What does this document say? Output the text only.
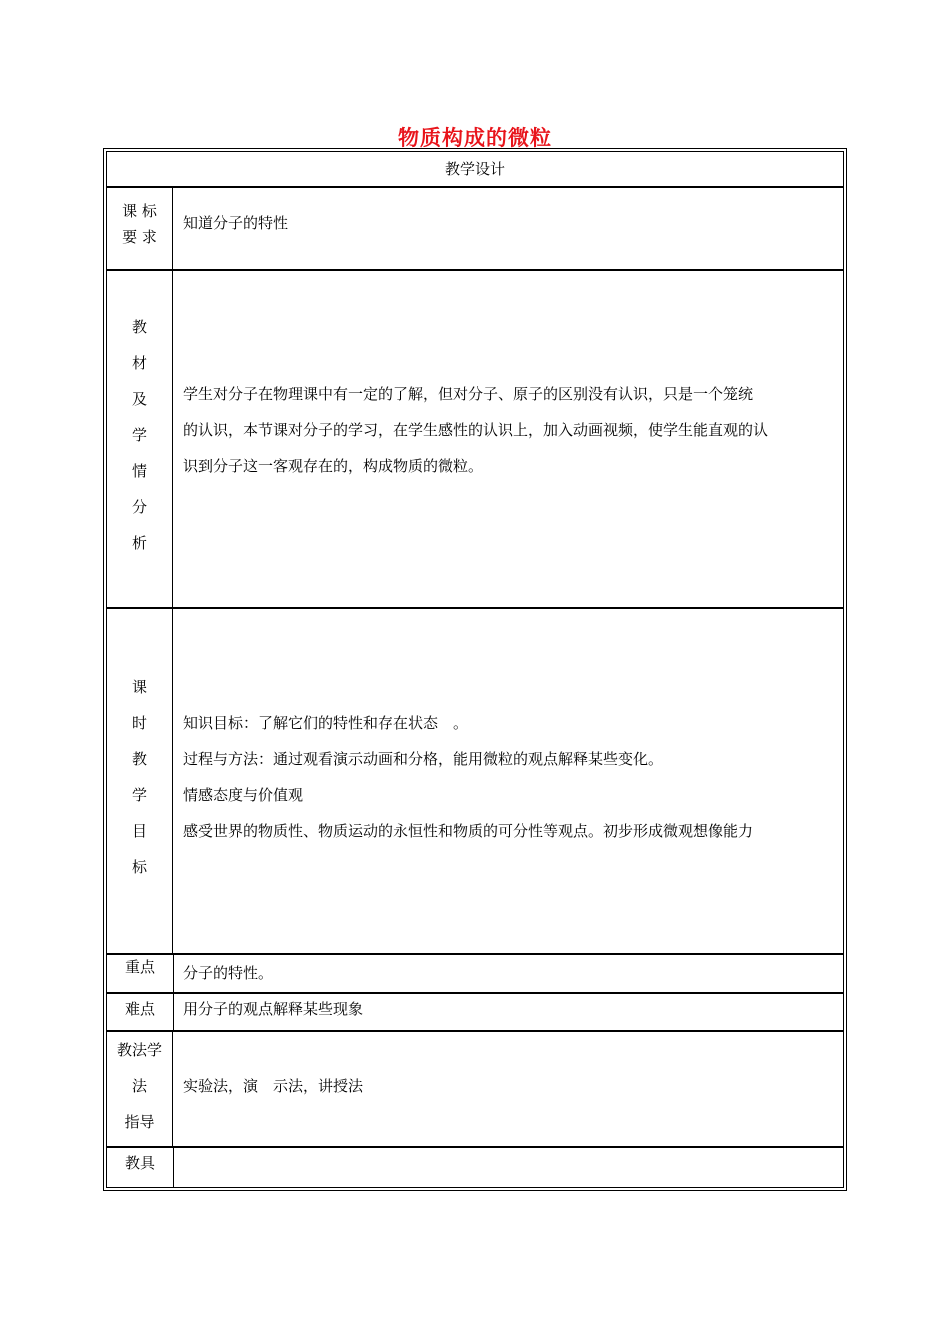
物质构成的微粒
教学设计
课 标
要 求
知道分子的特性
教
材
及
学
情
分
析
学生对分子在物理课中有一定的了解，但对分子、原子的区别没有认识，只是一个笼统
的认识，本节课对分子的学习，在学生感性的认识上，加入动画视频，使学生能直观的认
识到分子这一客观存在的，构成物质的微粒。
课
时
教
学
目
标
知识目标：了解它们的特性和存在状态　。
过程与方法：通过观看演示动画和分格，能用微粒的观点解释某些变化。
情感态度与价值观
感受世界的物质性、物质运动的永恒性和物质的可分性等观点。初步形成微观想像能力
重点	分子的特性。
难点	用分子的观点解释某些现象
教法学
法
指导
实验法，演　示法，讲授法
教具
